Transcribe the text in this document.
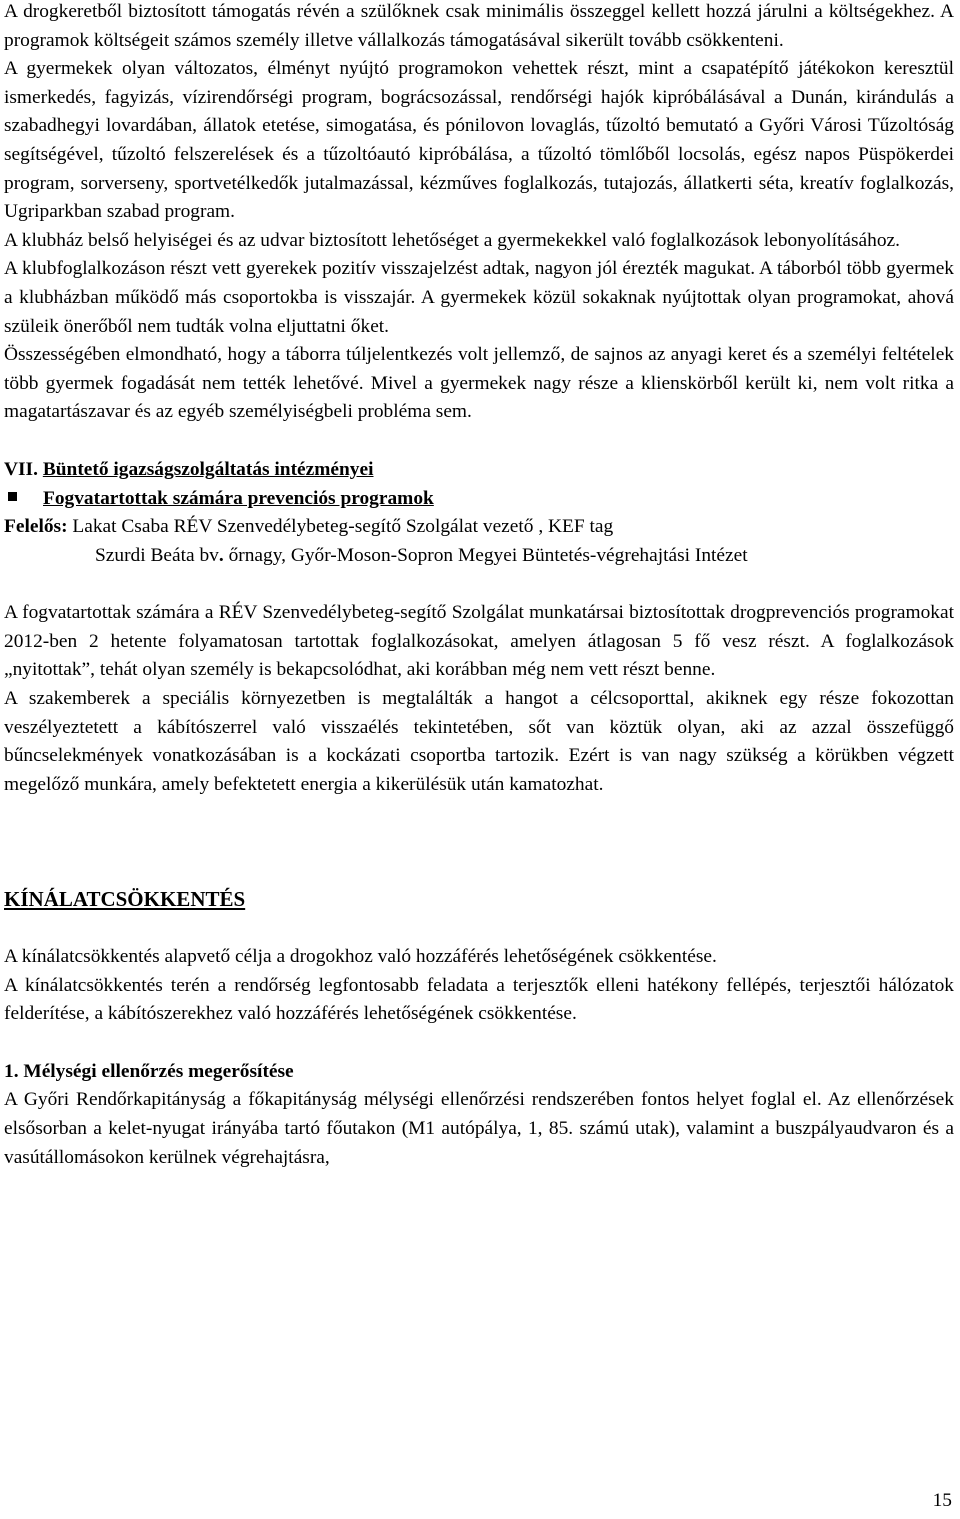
A drogkeretből biztosított támogatás révén a szülőknek csak minimális összeggel kellett hozzá járulni a költségekhez. A programok költségeit számos személy illetve vállalkozás támogatásával sikerült tovább csökkenteni.

A gyermekek olyan változatos, élményt nyújtó programokon vehettek részt, mint a csapatépítő játékokon keresztül ismerkedés, fagyizás, vízirendőrségi program, bográcsozással, rendőrségi hajók kipróbálásával a Dunán, kirándulás a szabadhegyi lovardában, állatok etetése, simogatása, és pónilovon lovaglás, tűzoltó bemutató a Győri Városi Tűzoltóság segítségével, tűzoltó felszerelések és a tűzoltóautó kipróbálása, a tűzoltó tömlőből locsolás, egész napos Püspökerdei program, sorverseny, sportvetélkedők jutalmazással, kézműves foglalkozás, tutajozás, állatkerti séta, kreatív foglalkozás, Ugriparkban szabad program.

A klubház belső helyiségei és az udvar biztosított lehetőséget a gyermekekkel való foglalkozások lebonyolításához.

A klubfoglalkozáson részt vett gyerekek pozitív visszajelzést adtak, nagyon jól érezték magukat. A táborból több gyermek a klubházban működő más csoportokba is visszajár. A gyermekek közül sokaknak nyújtottak olyan programokat, ahová szüleik önerőből nem tudták volna eljuttatni őket.

Összességében elmondható, hogy a táborra túljelentkezés volt jellemző, de sajnos az anyagi keret és a személyi feltételek több gyermek fogadását nem tették lehetővé. Mivel a gyermekek nagy része a klienskörből került ki, nem volt ritka a magatartászavar és az egyéb személyiségbeli probléma sem.

VII. Büntető igazságszolgáltatás intézményei
Fogvatartottak számára prevenciós programok
Felelős: Lakat Csaba RÉV Szenvedélybeteg-segítő Szolgálat vezető , KEF tag
Szurdi Beáta bv. őrnagy, Győr-Moson-Sopron Megyei Büntetés-végrehajtási Intézet

A fogvatartottak számára a RÉV Szenvedélybeteg-segítő Szolgálat munkatársai biztosítottak drogprevenciós programokat 2012-ben 2 hetente folyamatosan tartottak foglalkozásokat, amelyen átlagosan 5 fő vesz részt. A foglalkozások „nyitottak”, tehát olyan személy is bekapcsolódhat, aki korábban még nem vett részt benne.

A szakemberek a speciális környezetben is megtalálták a hangot a célcsoporttal, akiknek egy része fokozottan veszélyeztetett a kábítószerrel való visszaélés tekintetében, sőt van köztük olyan, aki az azzal összefüggő bűncselekmények vonatkozásában is a kockázati csoportba tartozik. Ezért is van nagy szükség a körükben végzett megelőző munkára, amely befektetett energia a kikerülésük után kamatozhat.

KÍNÁLATCSÖKKENTÉS

A kínálatcsökkentés alapvető célja a drogokhoz való hozzáférés lehetőségének csökkentése.

A kínálatcsökkentés terén a rendőrség legfontosabb feladata a terjesztők elleni hatékony fellépés, terjesztői hálózatok felderítése, a kábítószerekhez való hozzáférés lehetőségének csökkentése.

1. Mélységi ellenőrzés megerősítése

A Győri Rendőrkapitányság a főkapitányság mélységi ellenőrzési rendszerében fontos helyet foglal el. Az ellenőrzések elsősorban a kelet-nyugat irányába tartó főutakon (M1 autópálya, 1, 85. számú utak), valamint a buszpályaudvaron és a vasútállomásokon kerülnek végrehajtásra,

15
